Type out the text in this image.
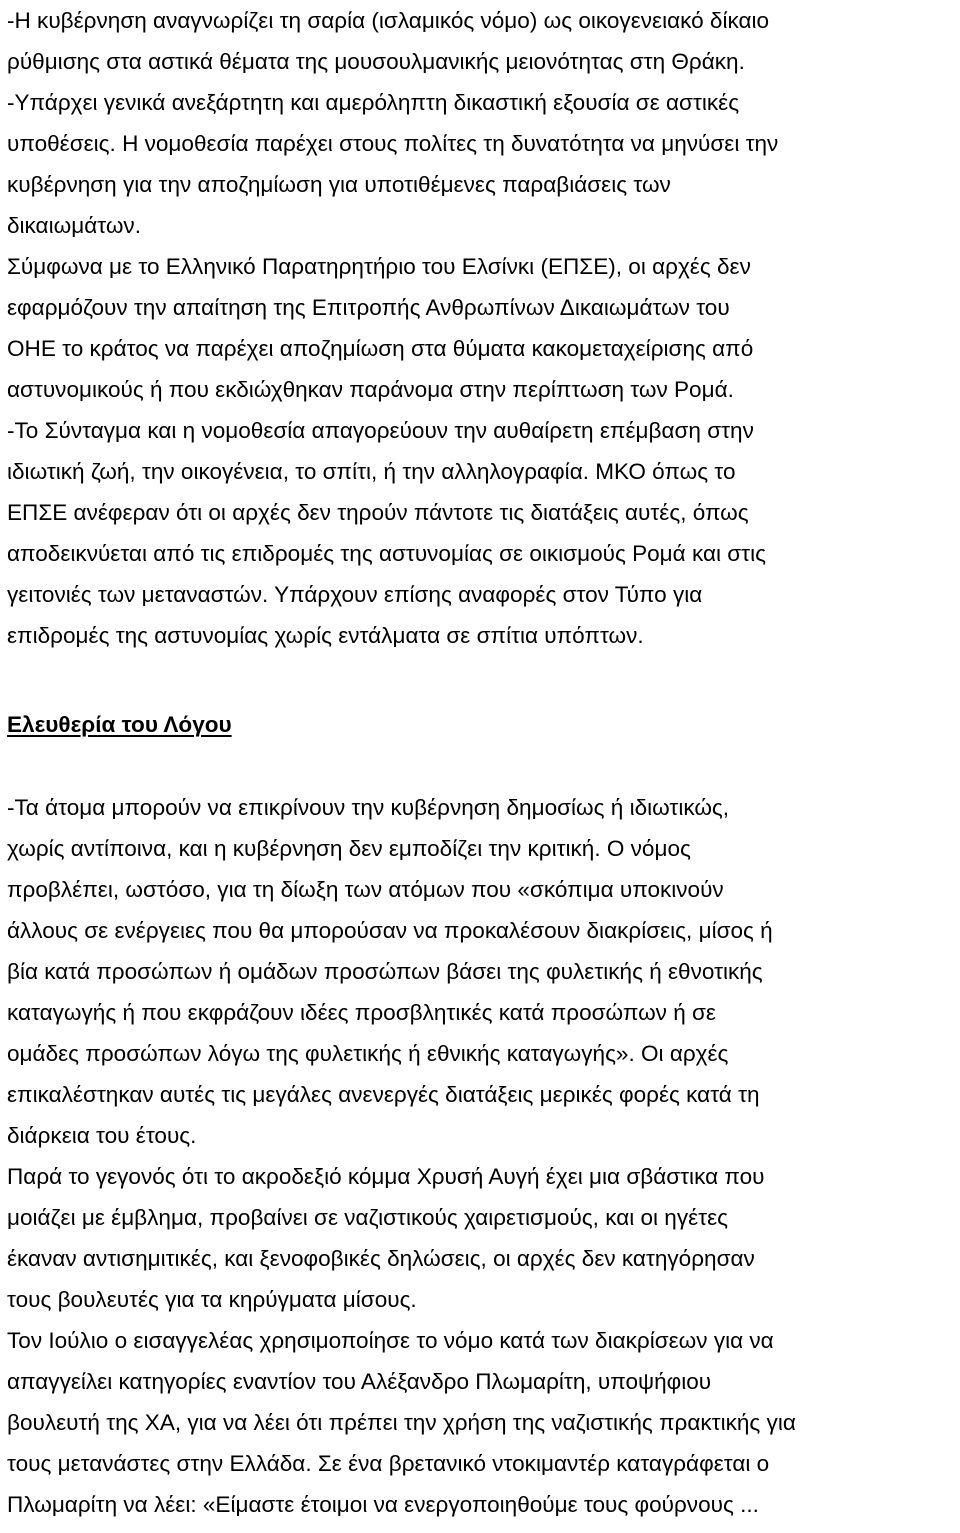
-Η κυβέρνηση αναγνωρίζει τη σαρία (ισλαμικός νόμο) ως οικογενειακό δίκαιο
ρύθμισης στα αστικά θέματα της μουσουλμανικής μειονότητας στη Θράκη.
-Υπάρχει γενικά ανεξάρτητη και αμερόληπτη δικαστική εξουσία σε αστικές
υποθέσεις. Η νομοθεσία παρέχει στους πολίτες τη δυνατότητα να μηνύσει την
κυβέρνηση για την αποζημίωση για υποτιθέμενες παραβιάσεις των
δικαιωμάτων.
Σύμφωνα με το Ελληνικό Παρατηρητήριο του Ελσίνκι (ΕΠΣΕ), οι αρχές δεν
εφαρμόζουν την απαίτηση της Επιτροπής Ανθρωπίνων Δικαιωμάτων του
ΟΗΕ το κράτος να παρέχει αποζημίωση στα θύματα κακομεταχείρισης από
αστυνομικούς ή που εκδιώχθηκαν παράνομα στην περίπτωση των Ρομά.
-Το Σύνταγμα και η νομοθεσία απαγορεύουν την αυθαίρετη επέμβαση στην
ιδιωτική ζωή, την οικογένεια, το σπίτι, ή την αλληλογραφία. ΜΚΟ όπως το
ΕΠΣΕ ανέφεραν ότι οι αρχές δεν τηρούν πάντοτε τις διατάξεις αυτές, όπως
αποδεικνύεται από τις επιδρομές της αστυνομίας σε οικισμούς Ρομά και στις
γειτονιές των μεταναστών. Υπάρχουν επίσης αναφορές στον Τύπο για
επιδρομές της αστυνομίας χωρίς εντάλματα σε σπίτια υπόπτων.
Ελευθερία του Λόγου
-Τα άτομα μπορούν να επικρίνουν την κυβέρνηση δημοσίως ή ιδιωτικώς,
χωρίς αντίποινα, και η κυβέρνηση δεν εμποδίζει την κριτική. Ο νόμος
προβλέπει, ωστόσο, για τη δίωξη των ατόμων που «σκόπιμα υποκινούν
άλλους σε ενέργειες που θα μπορούσαν να προκαλέσουν διακρίσεις, μίσος ή
βία κατά προσώπων ή ομάδων προσώπων βάσει της φυλετικής ή εθνοτικής
καταγωγής ή που εκφράζουν ιδέες προσβλητικές κατά προσώπων ή σε
ομάδες προσώπων λόγω της φυλετικής ή εθνικής καταγωγής». Οι αρχές
επικαλέστηκαν αυτές τις μεγάλες ανενεργές διατάξεις μερικές φορές κατά τη
διάρκεια του έτους.
Παρά το γεγονός ότι το ακροδεξιό κόμμα Χρυσή Αυγή έχει μια σβάστικα που
μοιάζει με έμβλημα, προβαίνει σε ναζιστικούς χαιρετισμούς, και οι ηγέτες
έκαναν αντισημιτικές, και ξενοφοβικές δηλώσεις, οι αρχές δεν κατηγόρησαν
τους βουλευτές για τα κηρύγματα μίσους.
Τον Ιούλιο ο εισαγγελέας χρησιμοποίησε το νόμο κατά των διακρίσεων για να
απαγγείλει κατηγορίες εναντίον του Αλέξανδρο Πλωμαρίτη, υποψήφιου
βουλευτή της ΧΑ, για να λέει ότι πρέπει την χρήση της ναζιστικής πρακτικής για
τους μετανάστες στην Ελλάδα. Σε ένα βρετανικό ντοκιμαντέρ καταγράφεται ο
Πλωμαρίτη να λέει: «Είμαστε έτοιμοι να ενεργοποιηθούμε τους φούρνους ...
